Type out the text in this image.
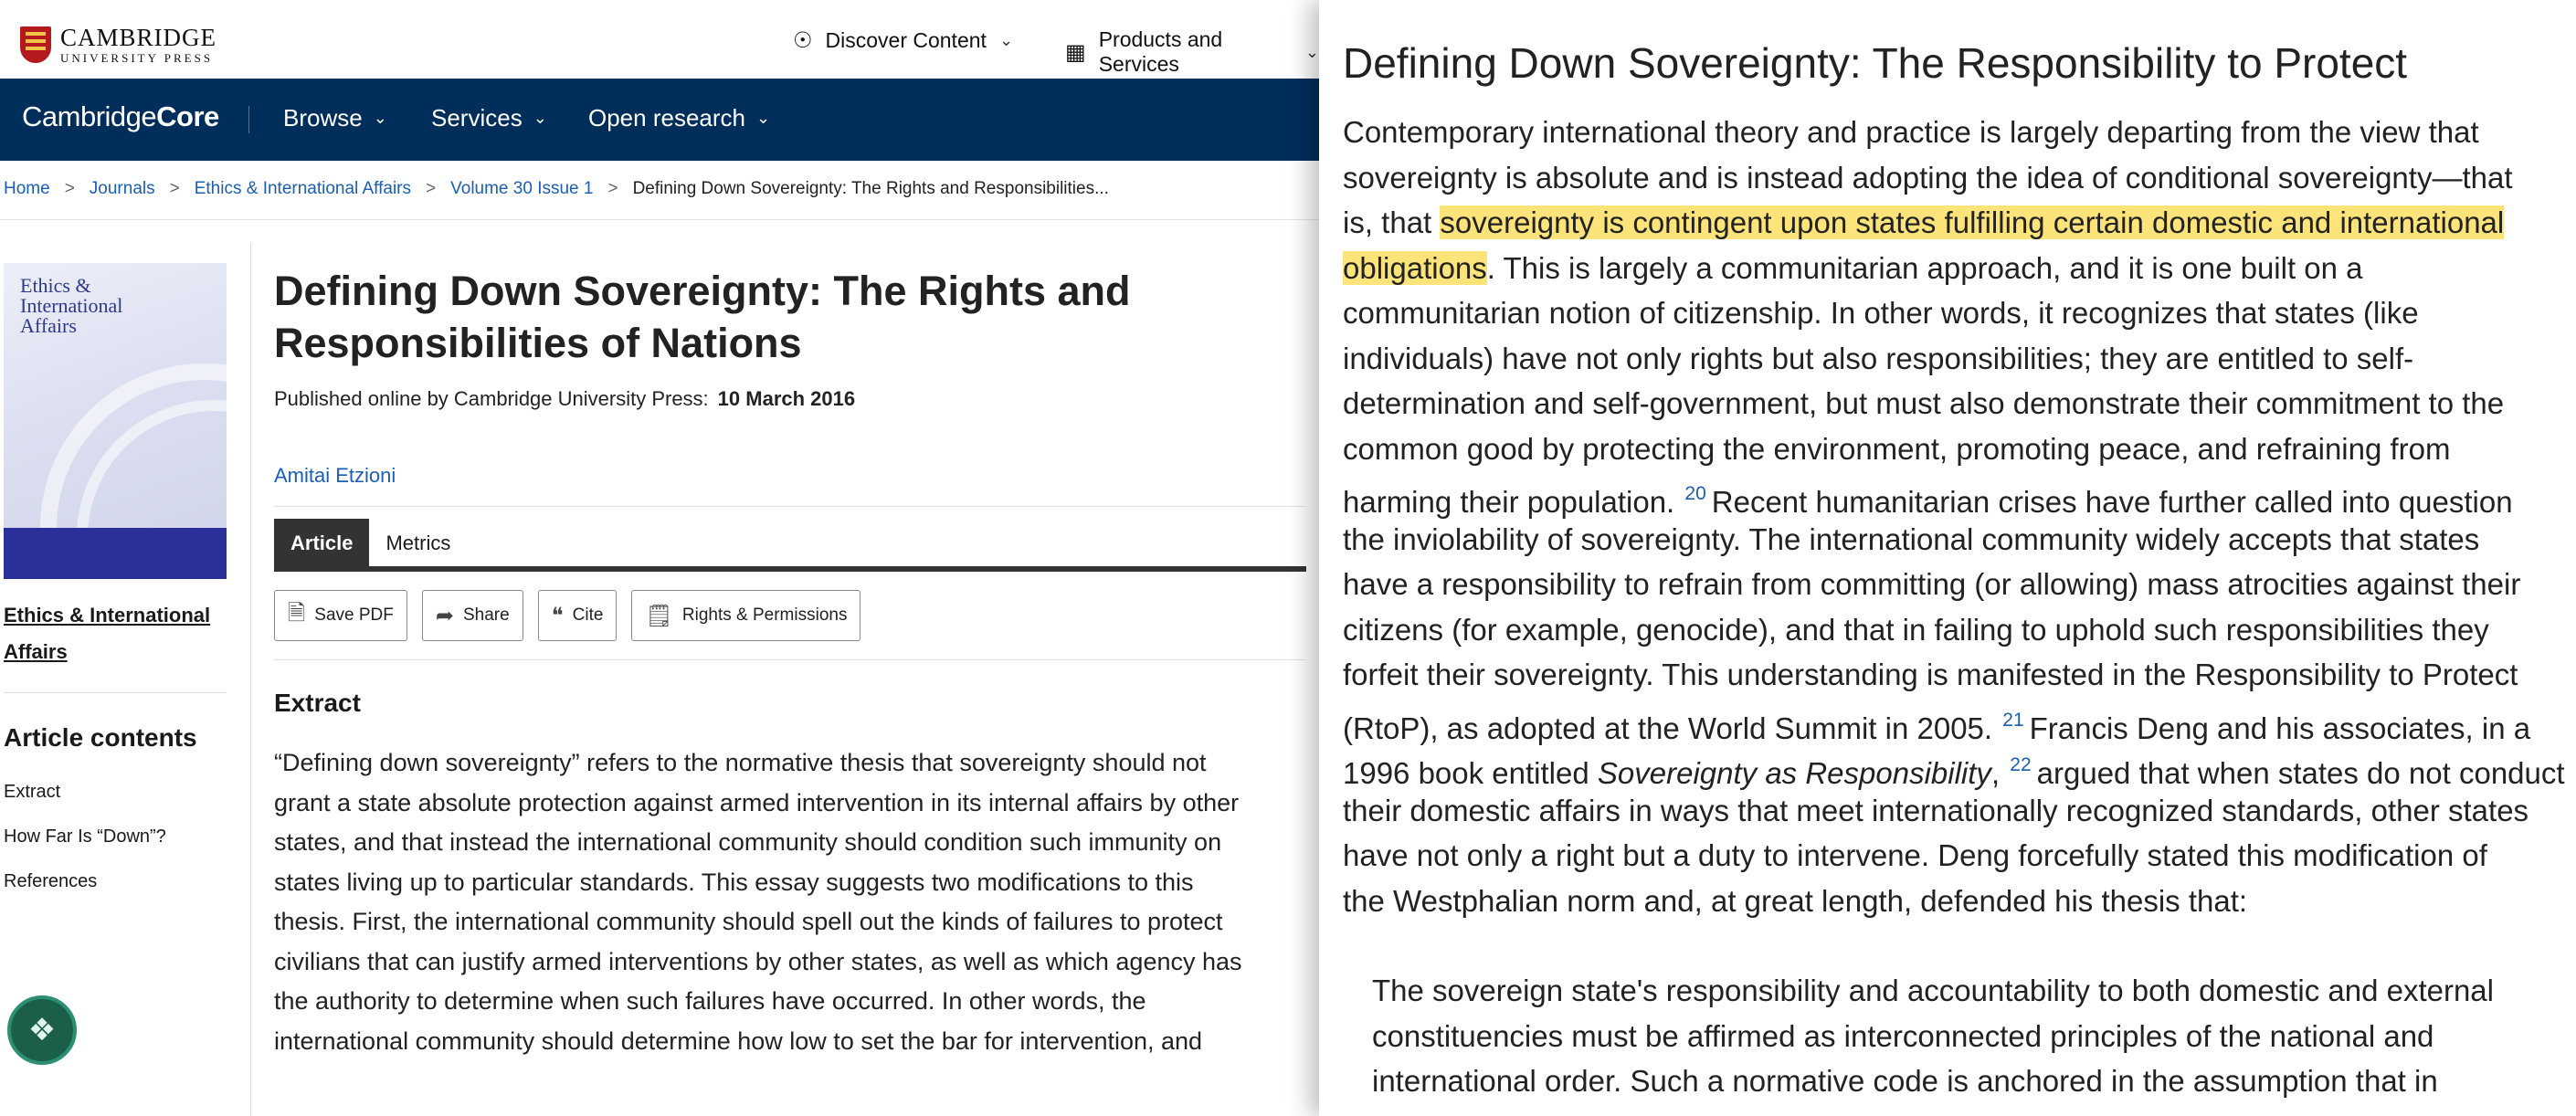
CAMBRIDGE
UNIVERSITY PRESS
☉ Discover Content ⌄ ▦
Products and Services
⌄
CambridgeCore	Browse ⌄ Services ⌄ Open research ⌄
Home > Journals > Ethics & International Affairs > Volume 30 Issue 1 > Defining Down Sovereignty: The Rights and Responsibilities...
Ethics &
International
Affairs
Ethics & International Affairs
Article contents
Extract
How Far Is “Down”?
References
Defining Down Sovereignty: The Rights and Responsibilities of Nations
Published online by Cambridge University Press: 10 March 2016
Amitai Etzioni
Article	Metrics
🗎 Save PDF ➦ Share ❝ Cite 🗒 Rights & Permissions
Extract
“Defining down sovereignty” refers to the normative thesis that sovereignty should not
grant a state absolute protection against armed intervention in its internal affairs by other
states, and that instead the international community should condition such immunity on
states living up to particular standards. This essay suggests two modifications to this
thesis. First, the international community should spell out the kinds of failures to protect
civilians that can justify armed interventions by other states, as well as which agency has
the authority to determine when such failures have occurred. In other words, the
international community should determine how low to set the bar for intervention, and
❖
Defining Down Sovereignty: The Responsibility to Protect
Contemporary international theory and practice is largely departing from the view that
sovereignty is absolute and is instead adopting the idea of conditional sovereignty—that
is, that sovereignty is contingent upon states fulfilling certain domestic and international
obligations. This is largely a communitarian approach, and it is one built on a
communitarian notion of citizenship. In other words, it recognizes that states (like
individuals) have not only rights but also responsibilities; they are entitled to self-
determination and self-government, but must also demonstrate their commitment to the
common good by protecting the environment, promoting peace, and refraining from
harming their population. $^{20}$ Recent humanitarian crises have further called into question
the inviolability of sovereignty. The international community widely accepts that states
have a responsibility to refrain from committing (or allowing) mass atrocities against their
citizens (for example, genocide), and that in failing to uphold such responsibilities they
forfeit their sovereignty. This understanding is manifested in the Responsibility to Protect
(RtoP), as adopted at the World Summit in 2005. $^{21}$ Francis Deng and his associates, in a
1996 book entitled Sovereignty as Responsibility, $^{22}$ argued that when states do not conduct
their domestic affairs in ways that meet internationally recognized standards, other states
have not only a right but a duty to intervene. Deng forcefully stated this modification of
the Westphalian norm and, at great length, defended his thesis that:
The sovereign state's responsibility and accountability to both domestic and external
constituencies must be affirmed as interconnected principles of the national and
international order. Such a normative code is anchored in the assumption that in
